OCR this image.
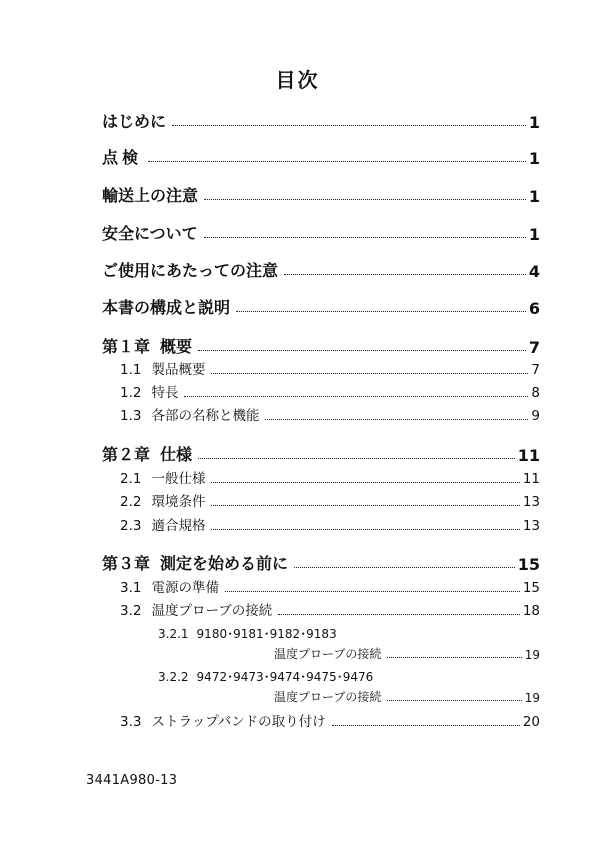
目次
はじめに	1
点検	1
輸送上の注意	1
安全について	1
ご使用にあたっての注意	4
本書の構成と説明	6
第１章 概要	7
1.1 製品概要	7
1.2 特長	8
1.3 各部の名称と機能	9
第２章 仕様	11
2.1 一般仕様	11
2.2 環境条件	13
2.3 適合規格	13
第３章 測定を始める前に	15
3.1 電源の準備	15
3.2 温度プローブの接続	18
3.2.1 9180･9181･9182･9183
温度プローブの接続	19
3.2.2 9472･9473･9474･9475･9476
温度プローブの接続	19
3.3 ストラップバンドの取り付け	20
3441A980-13
